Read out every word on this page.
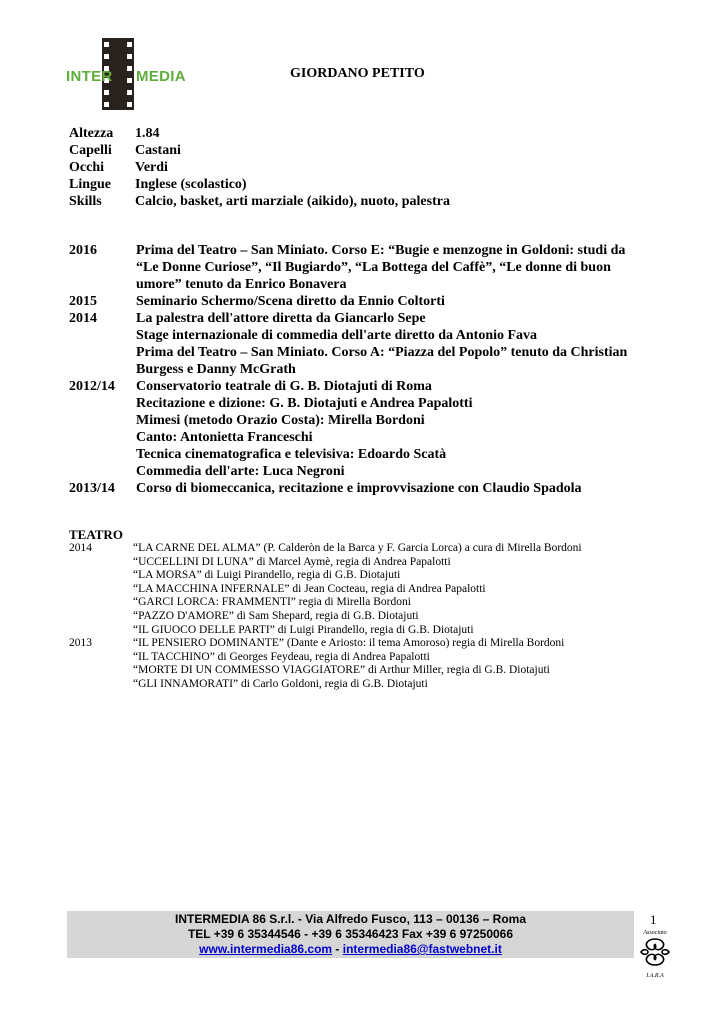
INTER MEDIA	GIORDANO PETITO
Altezza	1.84
Capelli	Castani
Occhi	Verdi
Lingue	Inglese (scolastico)
Skills	Calcio, basket, arti marziale (aikido), nuoto, palestra
2016	Prima del Teatro – San Miniato. Corso E: “Bugie e menzogne in Goldoni: studi da
“Le Donne Curiose”, “Il Bugiardo”, “La Bottega del Caffè”, “Le donne di buon
umore” tenuto da Enrico Bonavera
2015	Seminario Schermo/Scena diretto da Ennio Coltorti
2014	La palestra dell'attore diretta da Giancarlo Sepe
Stage internazionale di commedia dell'arte diretto da Antonio Fava
Prima del Teatro – San Miniato. Corso A: “Piazza del Popolo” tenuto da Christian
Burgess e Danny McGrath
2012/14	Conservatorio teatrale di G. B. Diotajuti di Roma
Recitazione e dizione: G. B. Diotajuti e Andrea Papalotti
Mimesi (metodo Orazio Costa): Mirella Bordoni
Canto: Antonietta Franceschi
Tecnica cinematografica e televisiva: Edoardo Scatà
Commedia dell'arte: Luca Negroni
2013/14	Corso di biomeccanica, recitazione e improvvisazione con Claudio Spadola
TEATRO
2014	“LA CARNE DEL ALMA” (P. Calderòn de la Barca y F. Garcia Lorca) a cura di Mirella Bordoni
“UCCELLINI DI LUNA” di Marcel Aymè, regia di Andrea Papalotti
“LA MORSA” di Luigi Pirandello, regia di G.B. Diotajuti
“LA MACCHINA INFERNALE” di Jean Cocteau, regia di Andrea Papalotti
“GARCI LORCA: FRAMMENTI” regia di Mirella Bordoni
“PAZZO D'AMORE” di Sam Shepard, regia di G.B. Diotajuti
“IL GIUOCO DELLE PARTI” di Luigi Pirandello, regia di G.B. Diotajuti
2013	“IL PENSIERO DOMINANTE” (Dante e Ariosto: il tema Amoroso) regia di Mirella Bordoni
“IL TACCHINO” di Georges Feydeau, regia di Andrea Papalotti
“MORTE DI UN COMMESSO VIAGGIATORE” di Arthur Miller, regia di G.B. Diotajuti
“GLI INNAMORATI” di Carlo Goldoni, regia di G.B. Diotajuti
INTERMEDIA 86 S.r.l. - Via Alfredo Fusco, 113 – 00136 – Roma
TEL +39 6 35344546 - +39 6 35346423 Fax +39 6 97250066
www.intermedia86.com - intermedia86@fastwebnet.it
1
Associato
I.A.R.A
